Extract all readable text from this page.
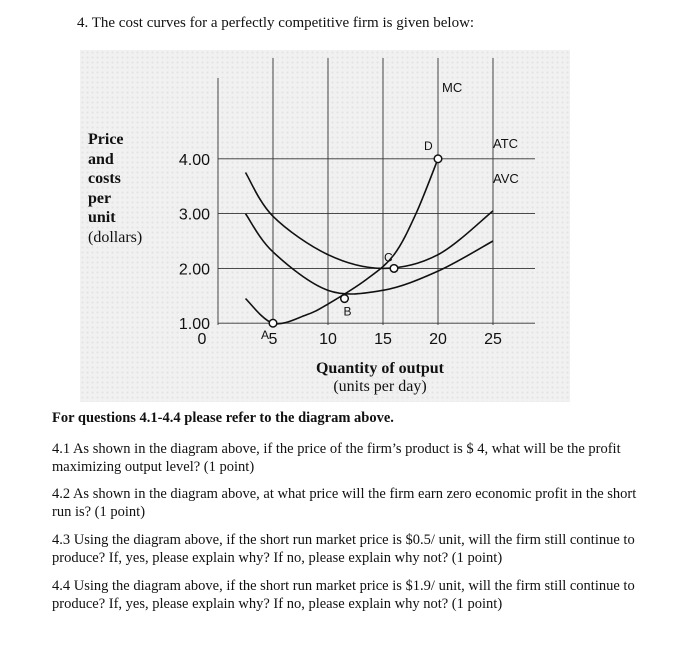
4. The cost curves for a perfectly competitive firm is given below:
Price
and
costs
per
unit
(dollars)
1.00
2.00
3.00
4.00
0	5	10 15 20 25
MC
ATC
AVC
A
B
C
D
Quantity of output
(units per day)
For questions 4.1-4.4 please refer to the diagram above.
4.1 As shown in the diagram above, if the price of the firm’s product is $ 4, what will be the profit maximizing output level? (1 point)
4.2 As shown in the diagram above, at what price will the firm earn zero economic profit in the short run is? (1 point)
4.3 Using the diagram above, if the short run market price is $0.5/ unit, will the firm still continue to produce? If, yes, please explain why? If no, please explain why not? (1 point)
4.4 Using the diagram above, if the short run market price is $1.9/ unit, will the firm still continue to produce? If, yes, please explain why? If no, please explain why not? (1 point)
